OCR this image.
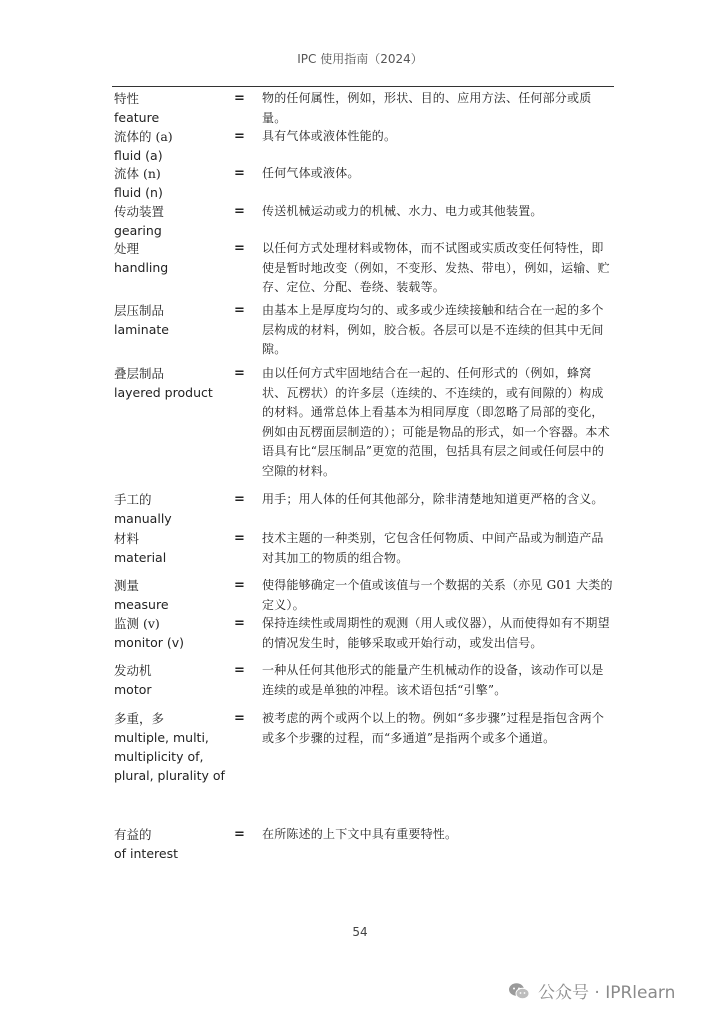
IPC 使用指南（2024）
特性
feature
= 物的任何属性，例如，形状、目的、应用方法、任何部分或质量。
流体的 (a)
fluid (a)
= 具有气体或液体性能的。
流体 (n)
fluid (n)
= 任何气体或液体。
传动装置
gearing
= 传送机械运动或力的机械、水力、电力或其他装置。
处理
handling
= 以任何方式处理材料或物体，而不试图或实质改变任何特性，即使是暂时地改变（例如，不变形、发热、带电），例如，运输、贮存、定位、分配、卷绕、装载等。
层压制品
laminate
= 由基本上是厚度均匀的、或多或少连续接触和结合在一起的多个层构成的材料，例如，胶合板。各层可以是不连续的但其中无间隙。
叠层制品
layered product
= 由以任何方式牢固地结合在一起的、任何形式的（例如，蜂窝状、瓦楞状）的许多层（连续的、不连续的，或有间隙的）构成的材料。通常总体上看基本为相同厚度（即忽略了局部的变化，例如由瓦楞面层制造的）；可能是物品的形式，如一个容器。本术语具有比“层压制品”更宽的范围，包括具有层之间或任何层中的空隙的材料。
手工的
manually
= 用手；用人体的任何其他部分，除非清楚地知道更严格的含义。
材料
material
= 技术主题的一种类别，它包含任何物质、中间产品或为制造产品对其加工的物质的组合物。
测量
measure
= 使得能够确定一个值或该值与一个数据的关系（亦见 G01 大类的定义）。
监测 (v)
monitor (v)
= 保持连续性或周期性的观测（用人或仪器），从而使得如有不期望的情况发生时，能够采取或开始行动，或发出信号。
发动机
motor
= 一种从任何其他形式的能量产生机械动作的设备，该动作可以是连续的或是单独的冲程。该术语包括“引擎”。
多重，多
multiple, multi,
multiplicity of,
plural, plurality of
= 被考虑的两个或两个以上的物。例如“多步骤”过程是指包含两个或多个步骤的过程，而“多通道”是指两个或多个通道。
有益的
of interest
= 在所陈述的上下文中具有重要特性。
54
公众号 · IPRlearn
